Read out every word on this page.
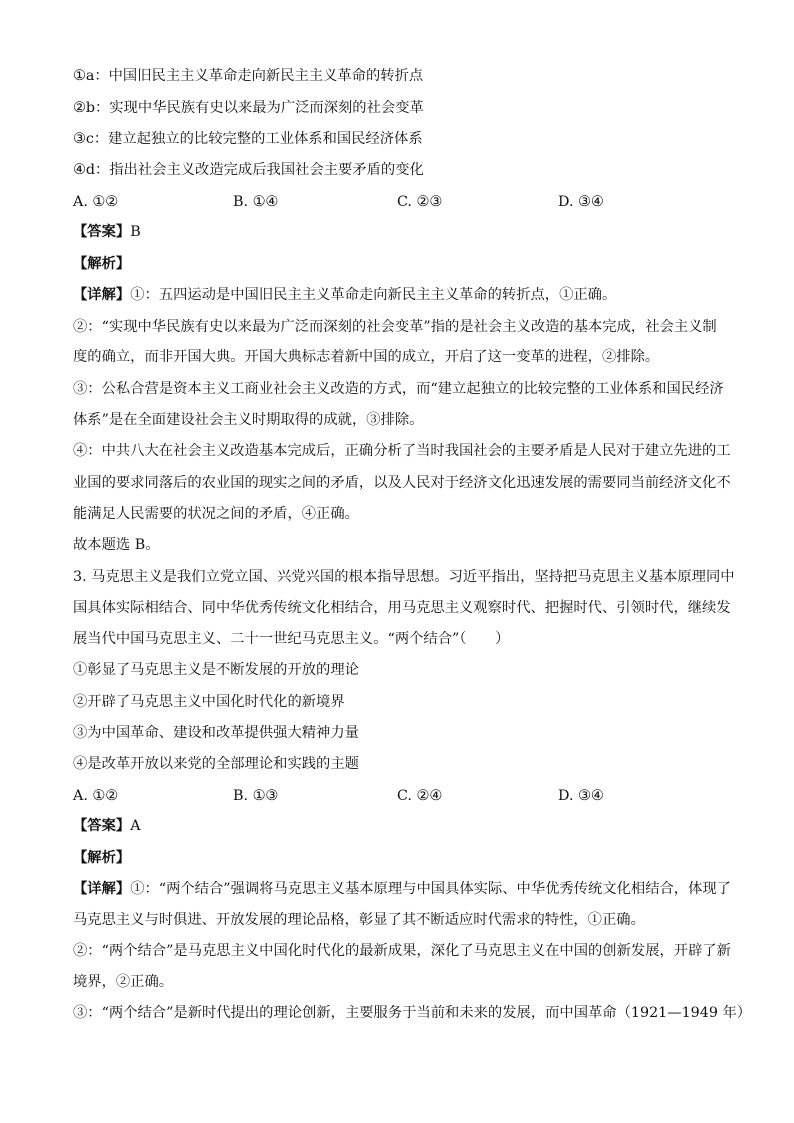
①a：中国旧民主主义革命走向新民主主义革命的转折点
②b：实现中华民族有史以来最为广泛而深刻的社会变革
③c：建立起独立的比较完整的工业体系和国民经济体系
④d：指出社会主义改造完成后我国社会主要矛盾的变化
A. ①②	B. ①④	C. ②③	D. ③④
【答案】B
【解析】
【详解】①：五四运动是中国旧民主主义革命走向新民主主义革命的转折点，①正确。
②：“实现中华民族有史以来最为广泛而深刻的社会变革”指的是社会主义改造的基本完成，社会主义制
度的确立，而非开国大典。开国大典标志着新中国的成立，开启了这一变革的进程，②排除。
③：公私合营是资本主义工商业社会主义改造的方式，而“建立起独立的比较完整的工业体系和国民经济
体系”是在全面建设社会主义时期取得的成就，③排除。
④：中共八大在社会主义改造基本完成后，正确分析了当时我国社会的主要矛盾是人民对于建立先进的工
业国的要求同落后的农业国的现实之间的矛盾，以及人民对于经济文化迅速发展的需要同当前经济文化不
能满足人民需要的状况之间的矛盾，④正确。
故本题选 B。
3. 马克思主义是我们立党立国、兴党兴国的根本指导思想。习近平指出，坚持把马克思主义基本原理同中
国具体实际相结合、同中华优秀传统文化相结合，用马克思主义观察时代、把握时代、引领时代，继续发
展当代中国马克思主义、二十一世纪马克思主义。“两个结合”（　　）
①彰显了马克思主义是不断发展的开放的理论
②开辟了马克思主义中国化时代化的新境界
③为中国革命、建设和改革提供强大精神力量
④是改革开放以来党的全部理论和实践的主题
A. ①②	B. ①③	C. ②④	D. ③④
【答案】A
【解析】
【详解】①：“两个结合”强调将马克思主义基本原理与中国具体实际、中华优秀传统文化相结合，体现了
马克思主义与时俱进、开放发展的理论品格，彰显了其不断适应时代需求的特性，①正确。
②：“两个结合”是马克思主义中国化时代化的最新成果，深化了马克思主义在中国的创新发展，开辟了新
境界，②正确。
③：“两个结合”是新时代提出的理论创新，主要服务于当前和未来的发展，而中国革命（1921—1949 年）
